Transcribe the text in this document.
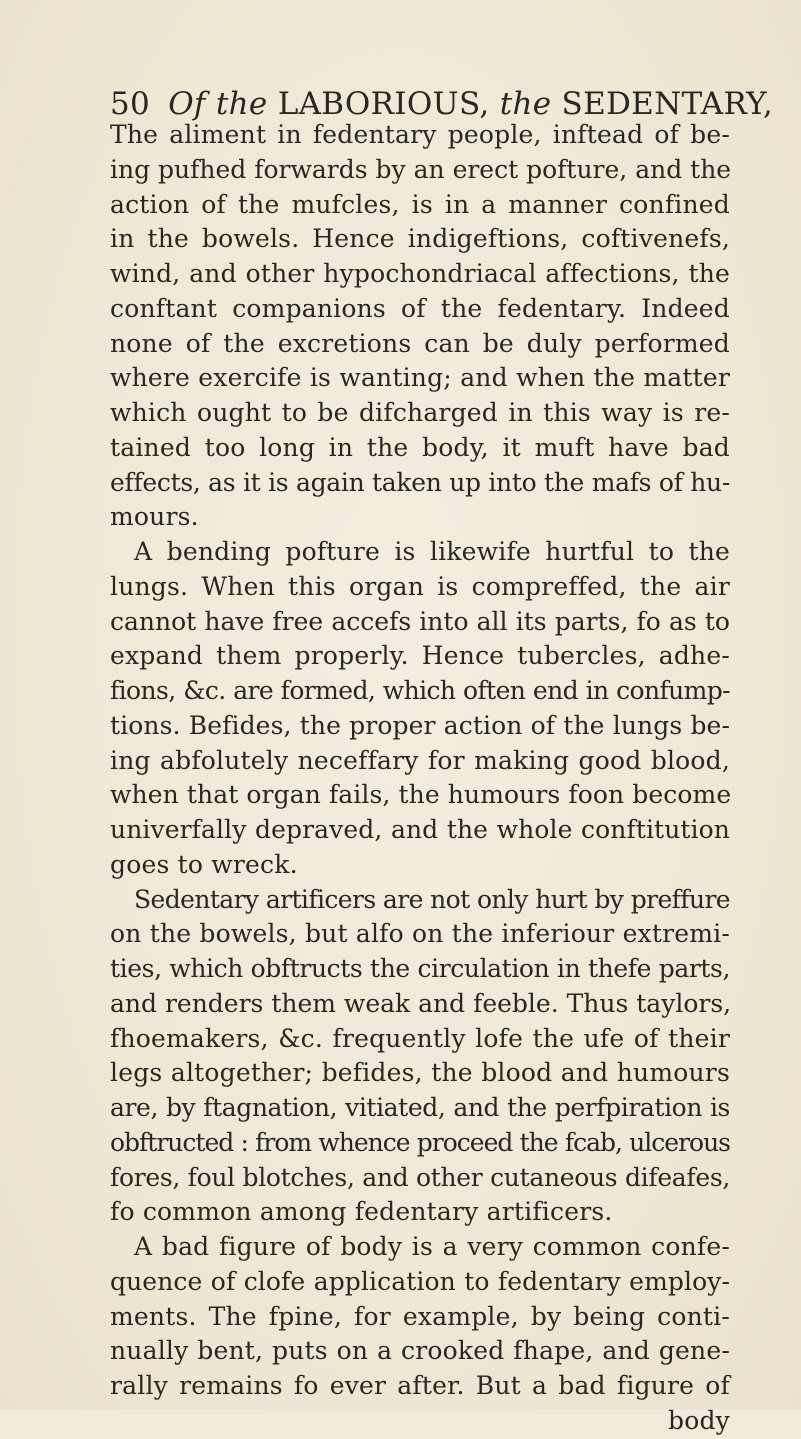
50 Of the LABORIOUS, the SEDENTARY,
The aliment in fedentary people, inftead of be-
ing pufhed forwards by an erect pofture, and the
action of the mufcles, is in a manner confined
in the bowels. Hence indigeftions, coftivenefs,
wind, and other hypochondriacal affections, the
conftant companions of the fedentary. Indeed
none of the excretions can be duly performed
where exercife is wanting; and when the matter
which ought to be difcharged in this way is re-
tained too long in the body, it muft have bad
effects, as it is again taken up into the mafs of hu-
mours.
A bending pofture is likewife hurtful to the
lungs. When this organ is compreffed, the air
cannot have free accefs into all its parts, fo as to
expand them properly. Hence tubercles, adhe-
fions, &c. are formed, which often end in confump-
tions. Befides, the proper action of the lungs be-
ing abfolutely neceffary for making good blood,
when that organ fails, the humours foon become
univerfally depraved, and the whole conftitution
goes to wreck.
Sedentary artificers are not only hurt by preffure
on the bowels, but alfo on the inferiour extremi-
ties, which obftructs the circulation in thefe parts,
and renders them weak and feeble. Thus taylors,
fhoemakers, &c. frequently lofe the ufe of their
legs altogether; befides, the blood and humours
are, by ftagnation, vitiated, and the perfpiration is
obftructed : from whence proceed the fcab, ulcerous
fores, foul blotches, and other cutaneous difeafes,
fo common among fedentary artificers.
A bad figure of body is a very common confe-
quence of clofe application to fedentary employ-
ments. The fpine, for example, by being conti-
nually bent, puts on a crooked fhape, and gene-
rally remains fo ever after. But a bad figure of
body
